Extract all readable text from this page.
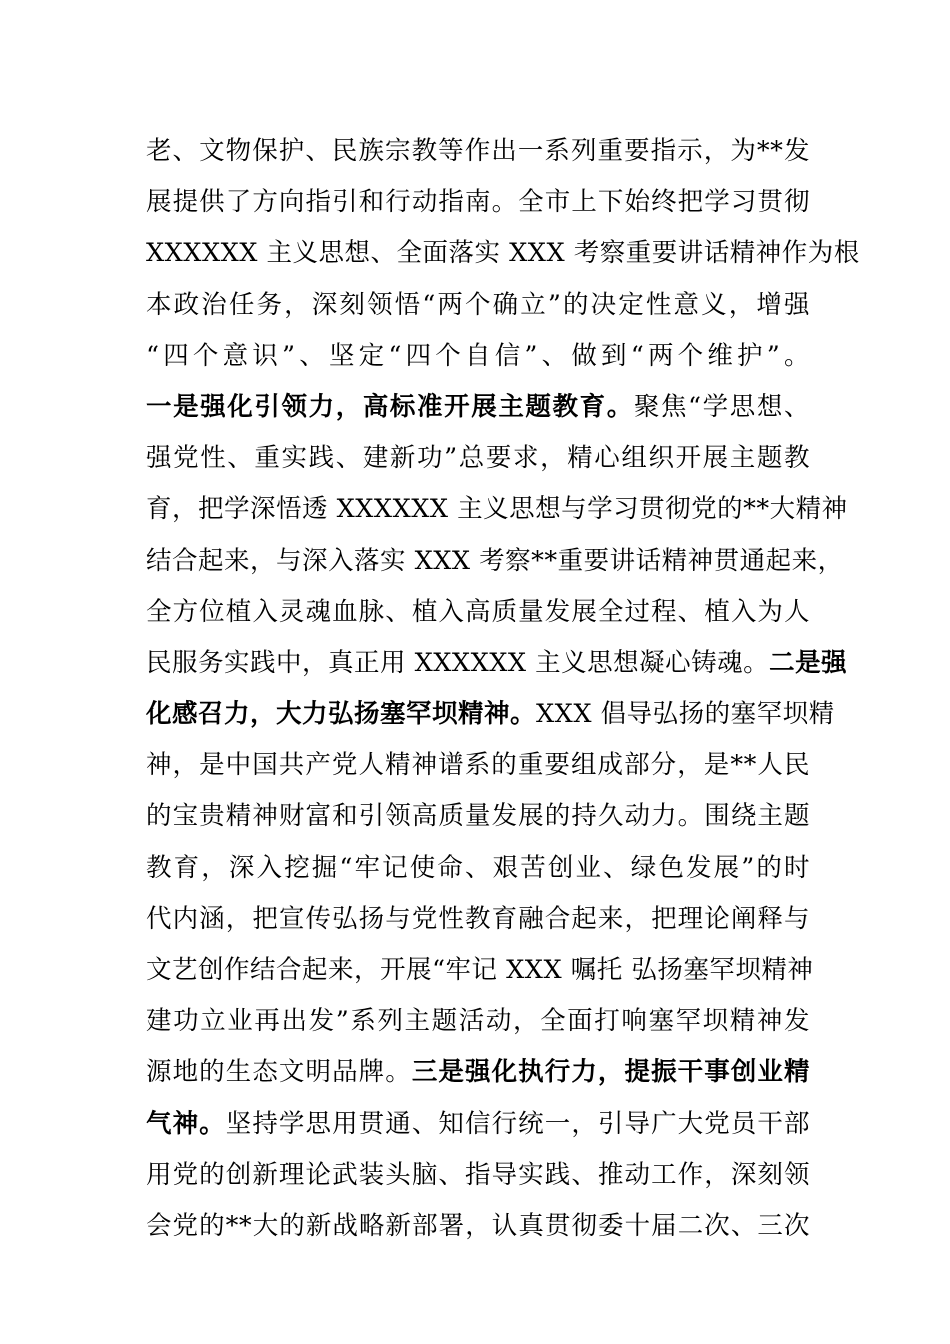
老、文物保护、民族宗教等作出一系列重要指示，为**发
展提供了方向指引和行动指南。全市上下始终把学习贯彻
XXXXXX 主义思想、全面落实 XXX 考察重要讲话精神作为根
本政治任务，深刻领悟“两个确立”的决定性意义，增强
“四个意识”、坚定“四个自信”、做到“两个维护”。
一是强化引领力，高标准开展主题教育。聚焦“学思想、
强党性、重实践、建新功”总要求，精心组织开展主题教
育，把学深悟透 XXXXXX 主义思想与学习贯彻党的**大精神
结合起来，与深入落实 XXX 考察**重要讲话精神贯通起来，
全方位植入灵魂血脉、植入高质量发展全过程、植入为人
民服务实践中，真正用 XXXXXX 主义思想凝心铸魂。二是强
化感召力，大力弘扬塞罕坝精神。XXX 倡导弘扬的塞罕坝精
神，是中国共产党人精神谱系的重要组成部分，是**人民
的宝贵精神财富和引领高质量发展的持久动力。围绕主题
教育，深入挖掘“牢记使命、艰苦创业、绿色发展”的时
代内涵，把宣传弘扬与党性教育融合起来，把理论阐释与
文艺创作结合起来，开展“牢记 XXX 嘱托 弘扬塞罕坝精神
建功立业再出发”系列主题活动，全面打响塞罕坝精神发
源地的生态文明品牌。三是强化执行力，提振干事创业精
气神。坚持学思用贯通、知信行统一，引导广大党员干部
用党的创新理论武装头脑、指导实践、推动工作，深刻领
会党的**大的新战略新部署，认真贯彻委十届二次、三次
